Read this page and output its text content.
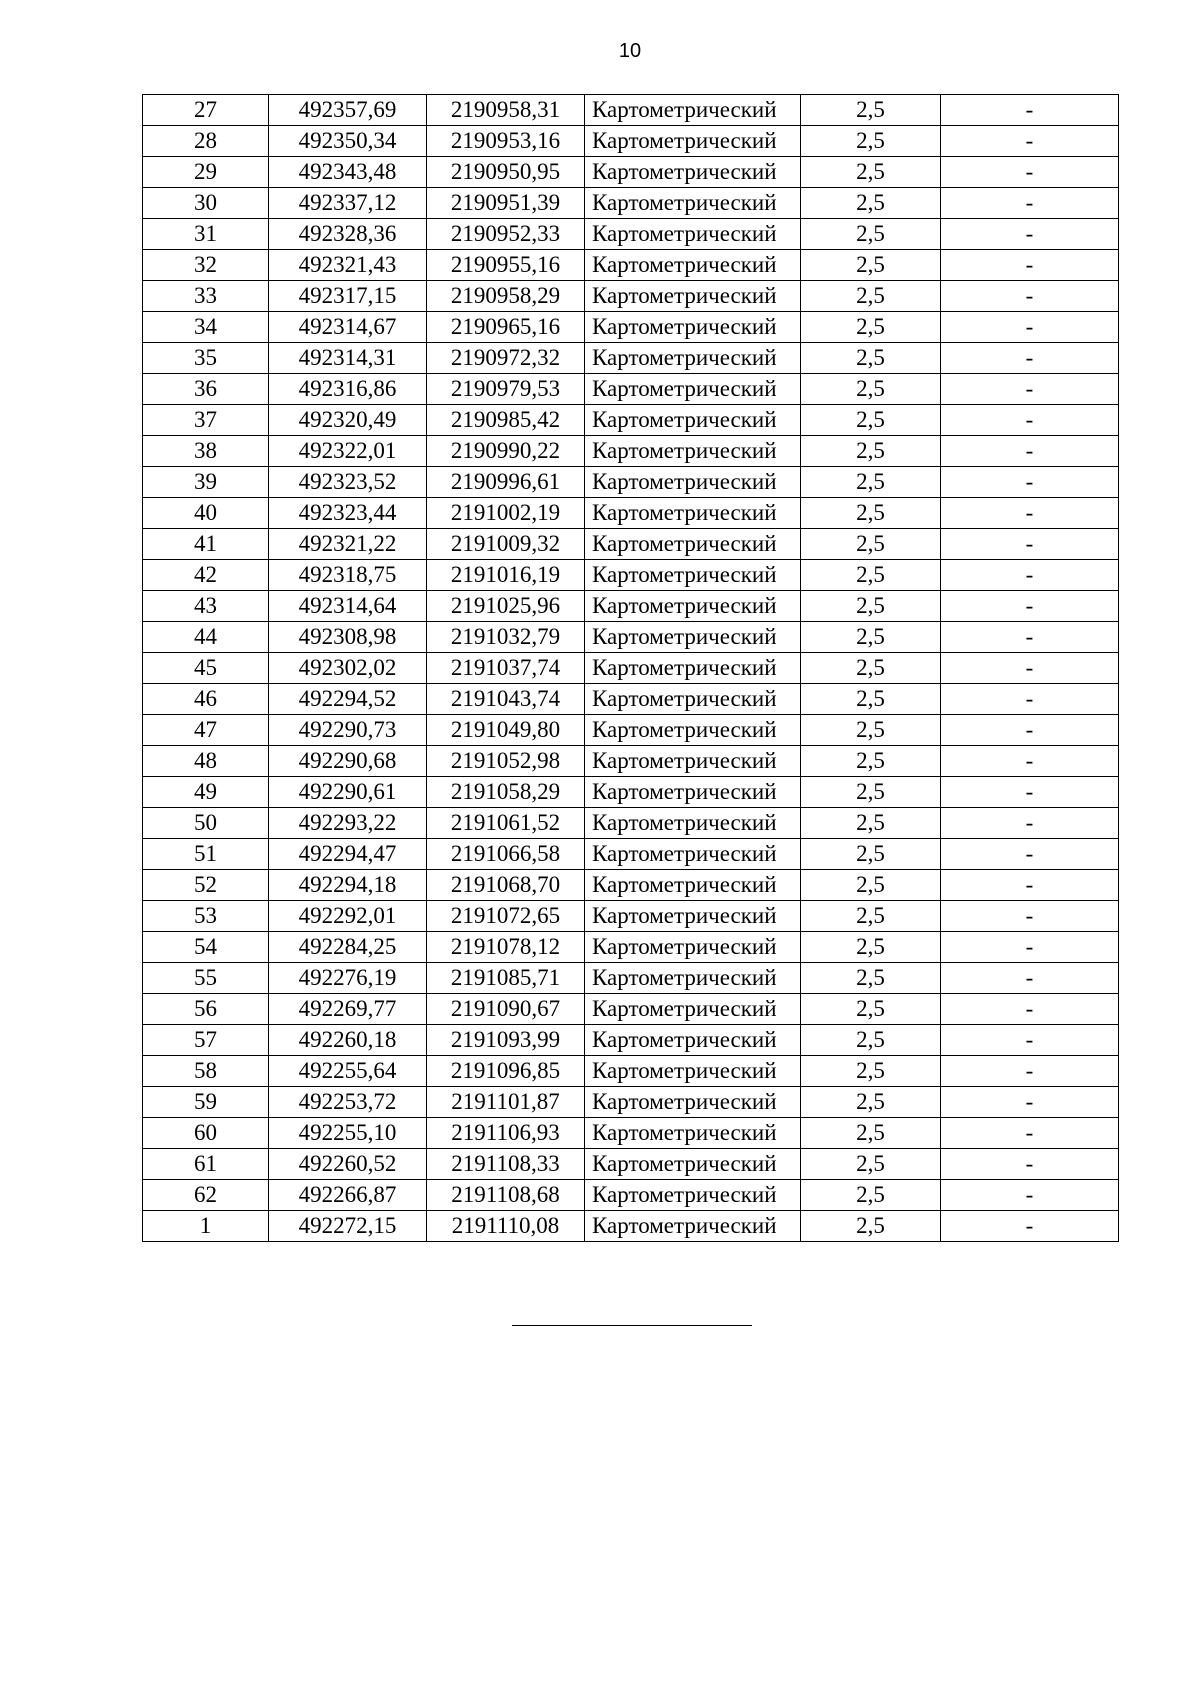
10
27	492357,69	2190958,31	Картометрический	2,5	-
28	492350,34	2190953,16	Картометрический	2,5	-
29	492343,48	2190950,95	Картометрический	2,5	-
30	492337,12	2190951,39	Картометрический	2,5	-
31	492328,36	2190952,33	Картометрический	2,5	-
32	492321,43	2190955,16	Картометрический	2,5	-
33	492317,15	2190958,29	Картометрический	2,5	-
34	492314,67	2190965,16	Картометрический	2,5	-
35	492314,31	2190972,32	Картометрический	2,5	-
36	492316,86	2190979,53	Картометрический	2,5	-
37	492320,49	2190985,42	Картометрический	2,5	-
38	492322,01	2190990,22	Картометрический	2,5	-
39	492323,52	2190996,61	Картометрический	2,5	-
40	492323,44	2191002,19	Картометрический	2,5	-
41	492321,22	2191009,32	Картометрический	2,5	-
42	492318,75	2191016,19	Картометрический	2,5	-
43	492314,64	2191025,96	Картометрический	2,5	-
44	492308,98	2191032,79	Картометрический	2,5	-
45	492302,02	2191037,74	Картометрический	2,5	-
46	492294,52	2191043,74	Картометрический	2,5	-
47	492290,73	2191049,80	Картометрический	2,5	-
48	492290,68	2191052,98	Картометрический	2,5	-
49	492290,61	2191058,29	Картометрический	2,5	-
50	492293,22	2191061,52	Картометрический	2,5	-
51	492294,47	2191066,58	Картометрический	2,5	-
52	492294,18	2191068,70	Картометрический	2,5	-
53	492292,01	2191072,65	Картометрический	2,5	-
54	492284,25	2191078,12	Картометрический	2,5	-
55	492276,19	2191085,71	Картометрический	2,5	-
56	492269,77	2191090,67	Картометрический	2,5	-
57	492260,18	2191093,99	Картометрический	2,5	-
58	492255,64	2191096,85	Картометрический	2,5	-
59	492253,72	2191101,87	Картометрический	2,5	-
60	492255,10	2191106,93	Картометрический	2,5	-
61	492260,52	2191108,33	Картометрический	2,5	-
62	492266,87	2191108,68	Картометрический	2,5	-
1	492272,15	2191110,08	Картометрический	2,5	-
